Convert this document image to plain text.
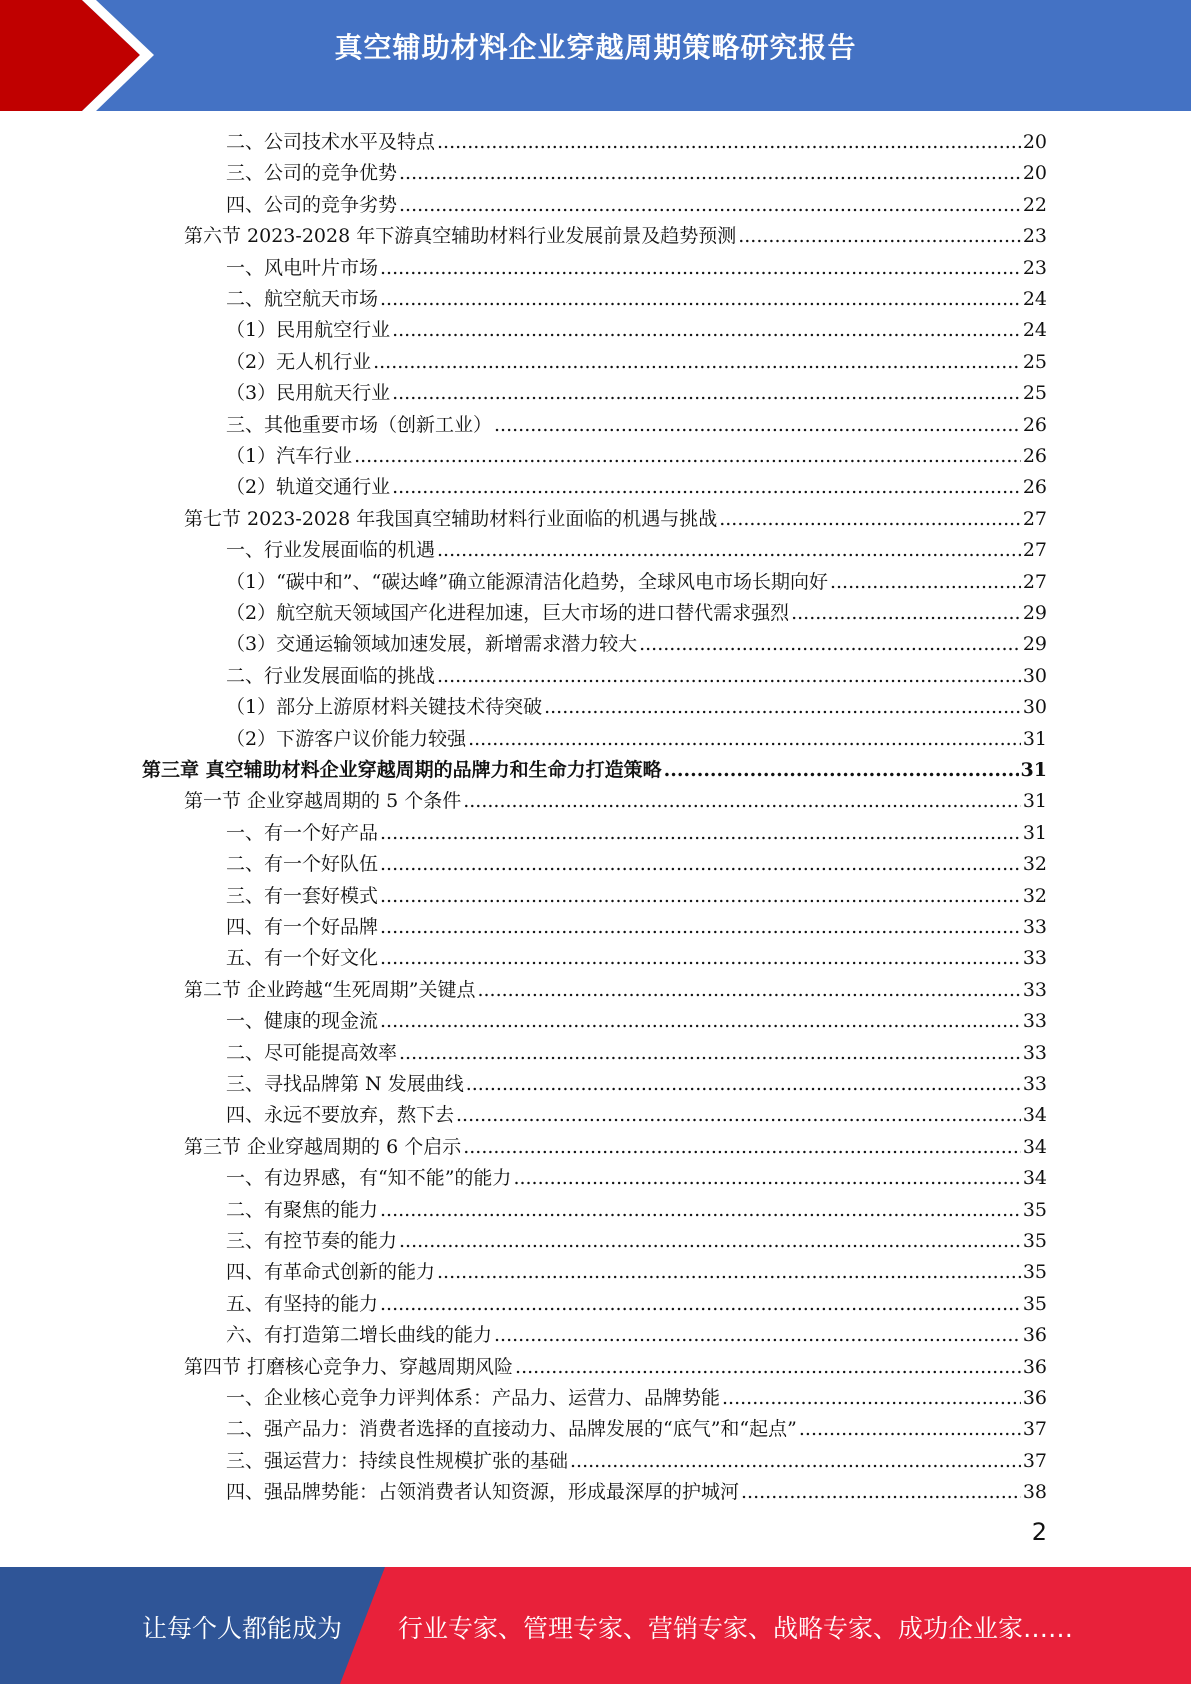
真空辅助材料企业穿越周期策略研究报告
二、公司技术水平及特点 .....	20
三、公司的竞争优势 .....	20
四、公司的竞争劣势 .....	22
第六节 2023-2028 年下游真空辅助材料行业发展前景及趋势预测 .....	23
一、风电叶片市场 .....	23
二、航空航天市场 .....	24
（1）民用航空行业 .....	24
（2）无人机行业 .....	25
（3）民用航天行业 .....	25
三、其他重要市场（创新工业） .....	26
（1）汽车行业 .....	26
（2）轨道交通行业 .....	26
第七节 2023-2028 年我国真空辅助材料行业面临的机遇与挑战 .....	27
一、行业发展面临的机遇 .....	27
（1）“碳中和”、“碳达峰”确立能源清洁化趋势，全球风电市场长期向好 .....	27
（2）航空航天领域国产化进程加速，巨大市场的进口替代需求强烈 .....	29
（3）交通运输领域加速发展，新增需求潜力较大 .....	29
二、行业发展面临的挑战 .....	30
（1）部分上游原材料关键技术待突破 .....	30
（2）下游客户议价能力较强 .....	31
第三章 真空辅助材料企业穿越周期的品牌力和生命力打造策略 .....	31
第一节 企业穿越周期的 5 个条件 .....	31
一、有一个好产品 .....	31
二、有一个好队伍 .....	32
三、有一套好模式 .....	32
四、有一个好品牌 .....	33
五、有一个好文化 .....	33
第二节 企业跨越“生死周期”关键点 .....	33
一、健康的现金流 .....	33
二、尽可能提高效率 .....	33
三、寻找品牌第 N 发展曲线 .....	33
四、永远不要放弃，熬下去 .....	34
第三节 企业穿越周期的 6 个启示 .....	34
一、有边界感，有“知不能”的能力 .....	34
二、有聚焦的能力 .....	35
三、有控节奏的能力 .....	35
四、有革命式创新的能力 .....	35
五、有坚持的能力 .....	35
六、有打造第二增长曲线的能力 .....	36
第四节 打磨核心竞争力、穿越周期风险 .....	36
一、企业核心竞争力评判体系：产品力、运营力、品牌势能 .....	36
二、强产品力：消费者选择的直接动力、品牌发展的“底气”和“起点” .....	37
三、强运营力：持续良性规模扩张的基础 .....	37
四、强品牌势能：占领消费者认知资源，形成最深厚的护城河 .....	38
2
让每个人都能成为 行业专家、管理专家、营销专家、战略专家、成功企业家……
